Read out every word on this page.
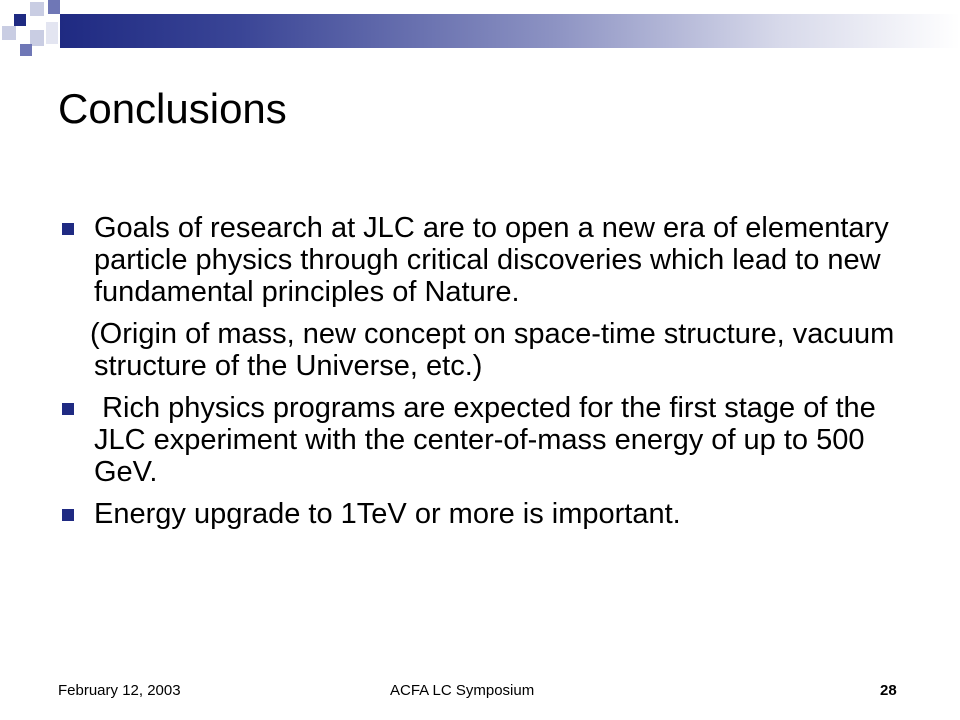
Conclusions
Goals of research at JLC are to open a new era of elementary particle physics through critical discoveries which lead to new fundamental principles of Nature.
(Origin of mass, new concept on space-time structure, vacuum structure of the Universe, etc.)
Rich physics programs are expected for the first stage of the JLC experiment with the center-of-mass energy of up to 500 GeV.
Energy upgrade to 1TeV or more is important.
February 12, 2003	ACFA LC Symposium	28
